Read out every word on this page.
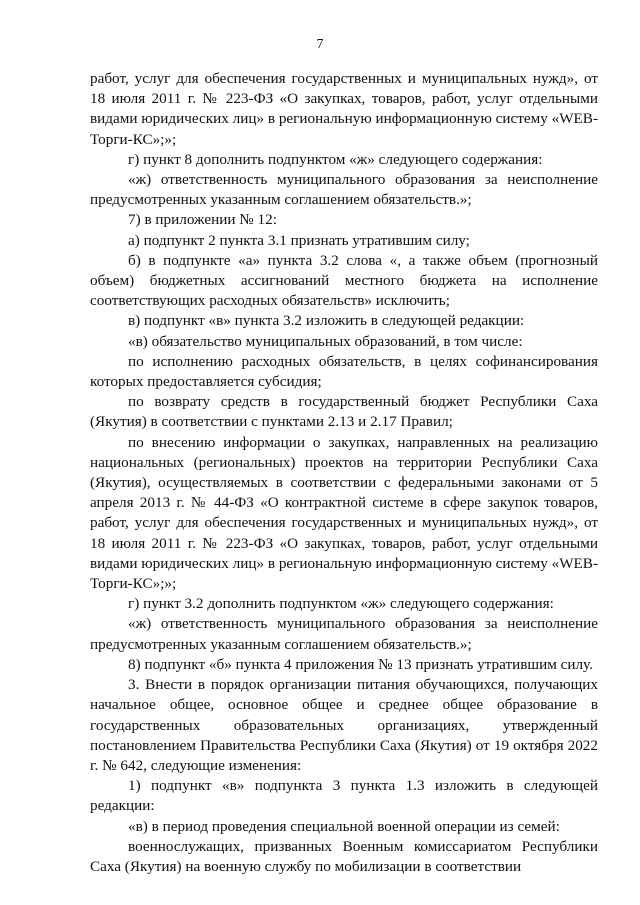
7

работ, услуг для обеспечения государственных и муниципальных нужд», от 18 июля 2011 г. № 223-ФЗ «О закупках, товаров, работ, услуг отдельными видами юридических лиц» в региональную информационную систему «WEB-Торги-КС»;»;

г) пункт 8 дополнить подпунктом «ж» следующего содержания:

«ж) ответственность муниципального образования за неисполнение предусмотренных указанным соглашением обязательств.»;

7) в приложении № 12:

а) подпункт 2 пункта 3.1 признать утратившим силу;

б) в подпункте «а» пункта 3.2 слова «, а также объем (прогнозный объем) бюджетных ассигнований местного бюджета на исполнение соответствующих расходных обязательств» исключить;

в) подпункт «в» пункта 3.2 изложить в следующей редакции:

«в) обязательство муниципальных образований, в том числе:

по исполнению расходных обязательств, в целях софинансирования которых предоставляется субсидия;

по возврату средств в государственный бюджет Республики Саха (Якутия) в соответствии с пунктами 2.13 и 2.17 Правил;

по внесению информации о закупках, направленных на реализацию национальных (региональных) проектов на территории Республики Саха (Якутия), осуществляемых в соответствии с федеральными законами от 5 апреля 2013 г. № 44-ФЗ «О контрактной системе в сфере закупок товаров, работ, услуг для обеспечения государственных и муниципальных нужд», от 18 июля 2011 г. № 223-ФЗ «О закупках, товаров, работ, услуг отдельными видами юридических лиц» в региональную информационную систему «WEB-Торги-КС»;»;

г) пункт 3.2 дополнить подпунктом «ж» следующего содержания:

«ж) ответственность муниципального образования за неисполнение предусмотренных указанным соглашением обязательств.»;

8) подпункт «б» пункта 4 приложения № 13 признать утратившим силу.

3. Внести в порядок организации питания обучающихся, получающих начальное общее, основное общее и среднее общее образование в государственных образовательных организациях, утвержденный постановлением Правительства Республики Саха (Якутия) от 19 октября 2022 г. № 642, следующие изменения:

1) подпункт «в» подпункта 3 пункта 1.3 изложить в следующей редакции:

«в) в период проведения специальной военной операции из семей:

военнослужащих, призванных Военным комиссариатом Республики Саха (Якутия) на военную службу по мобилизации в соответствии
